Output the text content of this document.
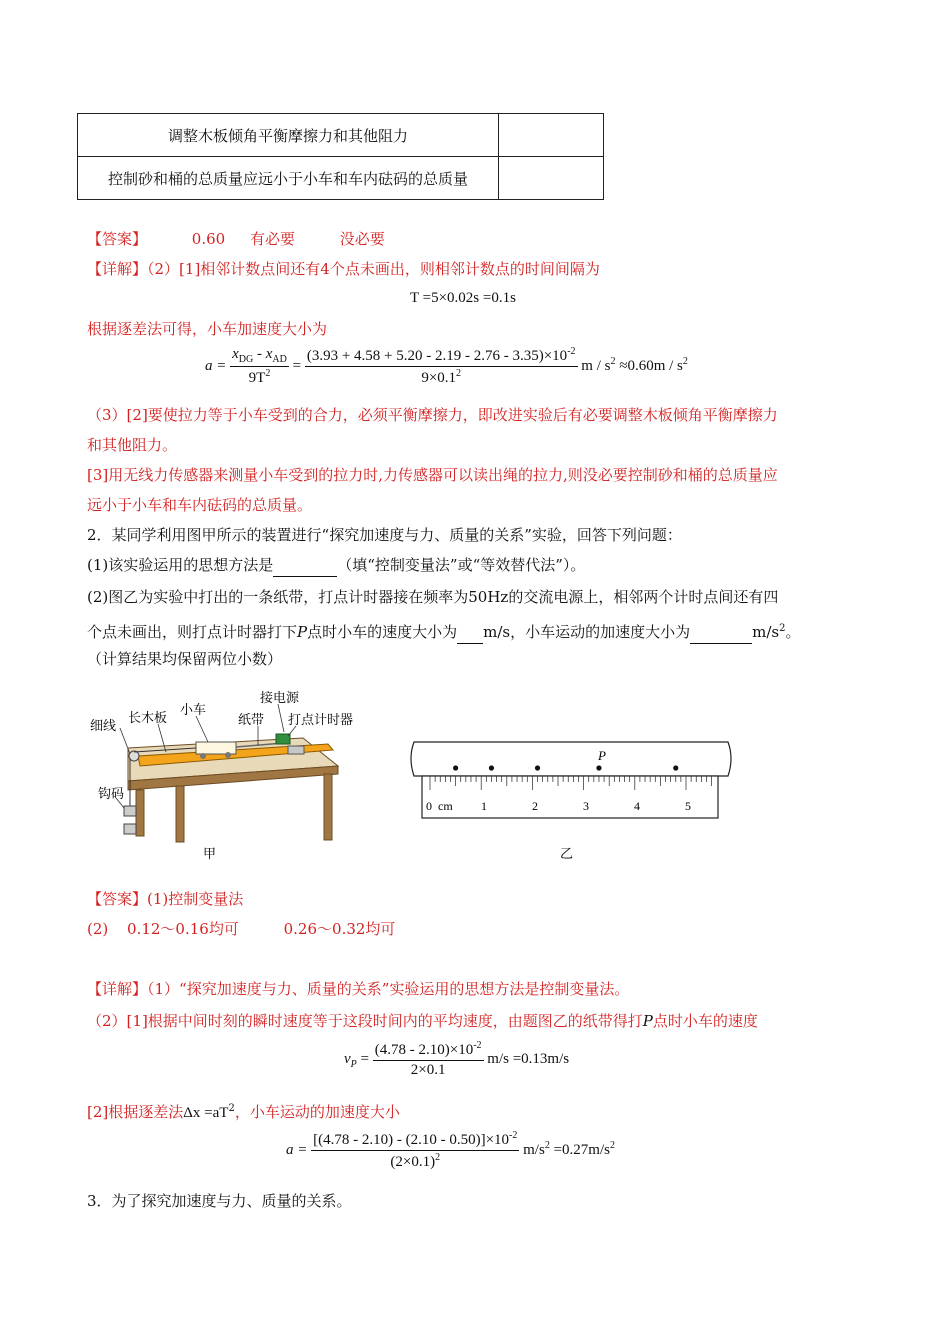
调整木板倾角平衡摩擦力和其他阻力	
控制砂和桶的总质量应远小于小车和车内砝码的总质量	
【答案】	0.60 有必要	没必要
【详解】（2）[1]相邻计数点间还有4个点未画出，则相邻计数点的时间间隔为
T =5×0.02s =0.1s
根据逐差法可得，小车加速度大小为
$a = \frac{x_{DG} - x_{AD}}{9T^2} = \frac{(3.93 + 4.58 + 5.20 - 2.19 - 2.76 - 3.35)\times 10^{-2}}{9\times 0.1^2}$ $m / s^2 \approx 0.60m / s^2$
（3）[2]要使拉力等于小车受到的合力，必须平衡摩擦力，即改进实验后有必要调整木板倾角平衡摩擦力
和其他阻力。
[3]用无线力传感器来测量小车受到的拉力时,力传感器可以读出绳的拉力,则没必要控制砂和桶的总质量应
远小于小车和车内砝码的总质量。
2．某同学利用图甲所示的装置进行“探究加速度与力、质量的关系”实验，回答下列问题：
(1)该实验运用的思想方法是	（填“控制变量法”或“等效替代法”）。
(2)图乙为实验中打出的一条纸带，打点计时器接在频率为50Hz的交流电源上，相邻两个计时点间还有四
个点未画出，则打点计时器打下P点时小车的速度大小为 m/s，小车运动的加速度大小为	$m/s^2$。
（计算结果均保留两位小数）
接电源
小车
长木板	纸带 打点计时器
细线
钩码
甲
P
cm
0	1	2	3	4	5
乙
【答案】(1)控制变量法
(2) 0.12～0.16均可	0.26～0.32均可
【详解】（1）“探究加速度与力、质量的关系”实验运用的思想方法是控制变量法。
（2）[1]根据中间时刻的瞬时速度等于这段时间内的平均速度，由题图乙的纸带得打P点时小车的速度
$v_P = \frac{(4.78 - 2.10)\times 10^{-2}}{2\times 0.1} m/s =0.13m/s$
[2]根据逐差法$\Delta x =aT^2$，小车运动的加速度大小
$a = \frac{[(4.78 - 2.10) - (2.10 - 0.50)]\times 10^{-2}}{(2\times 0.1)^2} m/s^2 =0.27m/s^2$
3．为了探究加速度与力、质量的关系。
